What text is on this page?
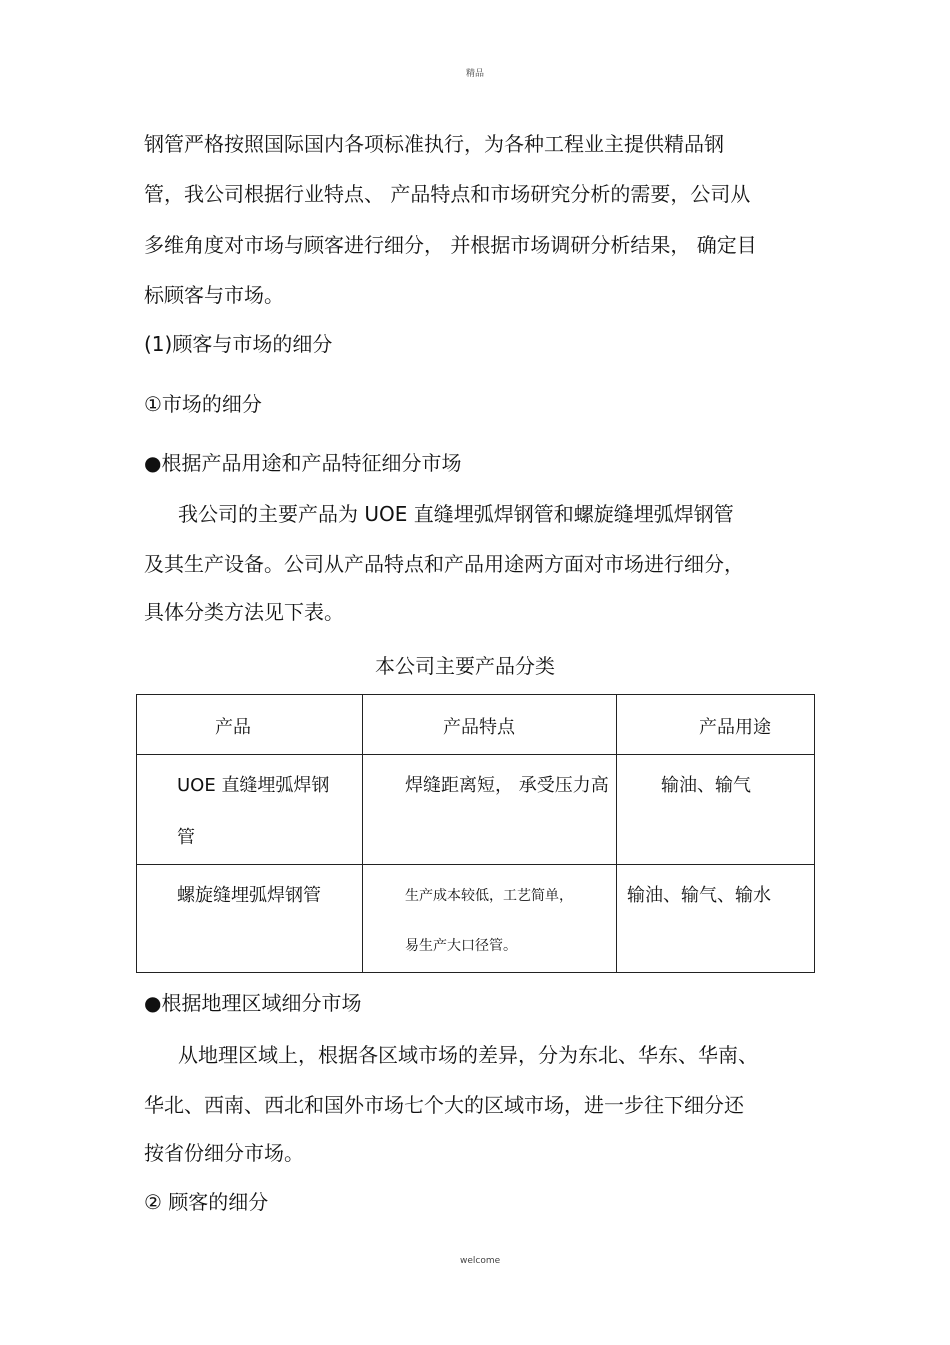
精品
钢管严格按照国际国内各项标准执行，为各种工程业主提供精品钢
管，我公司根据行业特点、 产品特点和市场研究分析的需要，公司从
多维角度对市场与顾客进行细分， 并根据市场调研分析结果， 确定目
标顾客与市场。
(1)顾客与市场的细分
①市场的细分
●根据产品用途和产品特征细分市场
我公司的主要产品为 UOE 直缝埋弧焊钢管和螺旋缝埋弧焊钢管
及其生产设备。公司从产品特点和产品用途两方面对市场进行细分，
具体分类方法见下表。
本公司主要产品分类
产品	产品特点	产品用途

UOE 直缝埋弧焊钢
管	焊缝距离短， 承受压力高	输油、输气

螺旋缝埋弧焊钢管	生产成本较低，工艺简单，
易生产大口径管。	输油、输气、输水
●根据地理区域细分市场
从地理区域上，根据各区域市场的差异，分为东北、华东、华南、
华北、西南、西北和国外市场七个大的区域市场，进一步往下细分还
按省份细分市场。
② 顾客的细分
welcome
